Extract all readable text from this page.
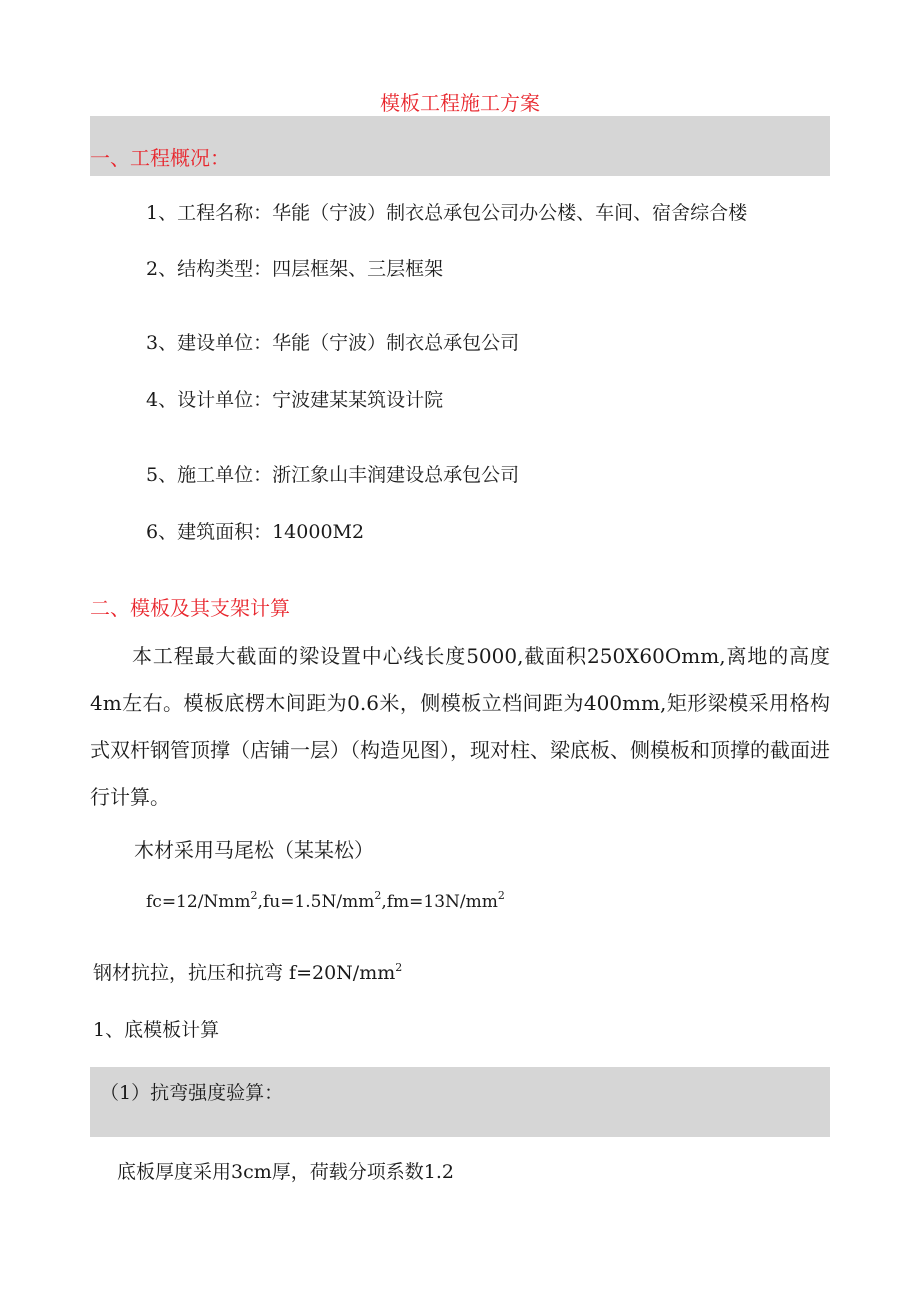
模板工程施工方案
一、工程概况：
1、工程名称：华能（宁波）制衣总承包公司办公楼、车间、宿舍综合楼
2、结构类型：四层框架、三层框架
3、建设单位：华能（宁波）制衣总承包公司
4、设计单位：宁波建某某筑设计院
5、施工单位：浙江象山丰润建设总承包公司
6、建筑面积：14000M2
二、模板及其支架计算
本工程最大截面的梁设置中心线长度5000,截面积250X60Omm,离地的高度4m左右。模板底楞木间距为0.6米，侧模板立档间距为400mm,矩形梁模采用格构式双杆钢管顶撑（店铺一层）（构造见图），现对柱、梁底板、侧模板和顶撑的截面进行计算。
木材采用马尾松（某某松）
$fc=12/Nmm^2,fu=1.5N/mm^2,fm=13N/mm^2$
钢材抗拉，抗压和抗弯 $f=20N/mm^2$
1、底模板计算
（1）抗弯强度验算：
底板厚度采用3cm厚，荷载分项系数1.2
